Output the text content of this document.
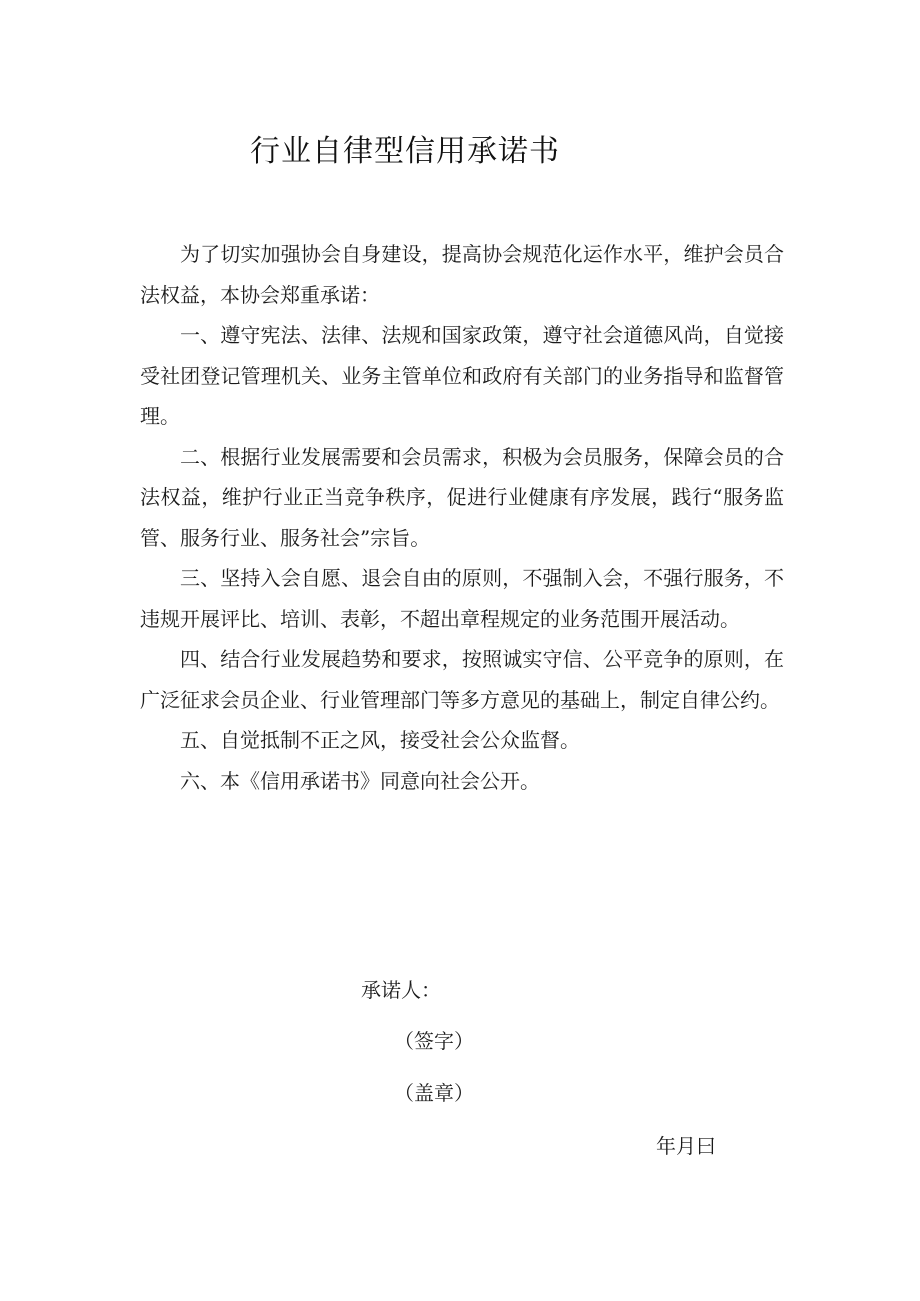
行业自律型信用承诺书

为了切实加强协会自身建设，提高协会规范化运作水平，维护会员合法权益，本协会郑重承诺：

一、遵守宪法、法律、法规和国家政策，遵守社会道德风尚，自觉接受社团登记管理机关、业务主管单位和政府有关部门的业务指导和监督管理。

二、根据行业发展需要和会员需求，积极为会员服务，保障会员的合法权益，维护行业正当竞争秩序，促进行业健康有序发展，践行“服务监管、服务行业、服务社会”宗旨。

三、坚持入会自愿、退会自由的原则，不强制入会，不强行服务，不违规开展评比、培训、表彰，不超出章程规定的业务范围开展活动。

四、结合行业发展趋势和要求，按照诚实守信、公平竞争的原则，在广泛征求会员企业、行业管理部门等多方意见的基础上，制定自律公约。

五、自觉抵制不正之风，接受社会公众监督。

六、本《信用承诺书》同意向社会公开。

承诺人：
（签字）
（盖章）
年月曰
